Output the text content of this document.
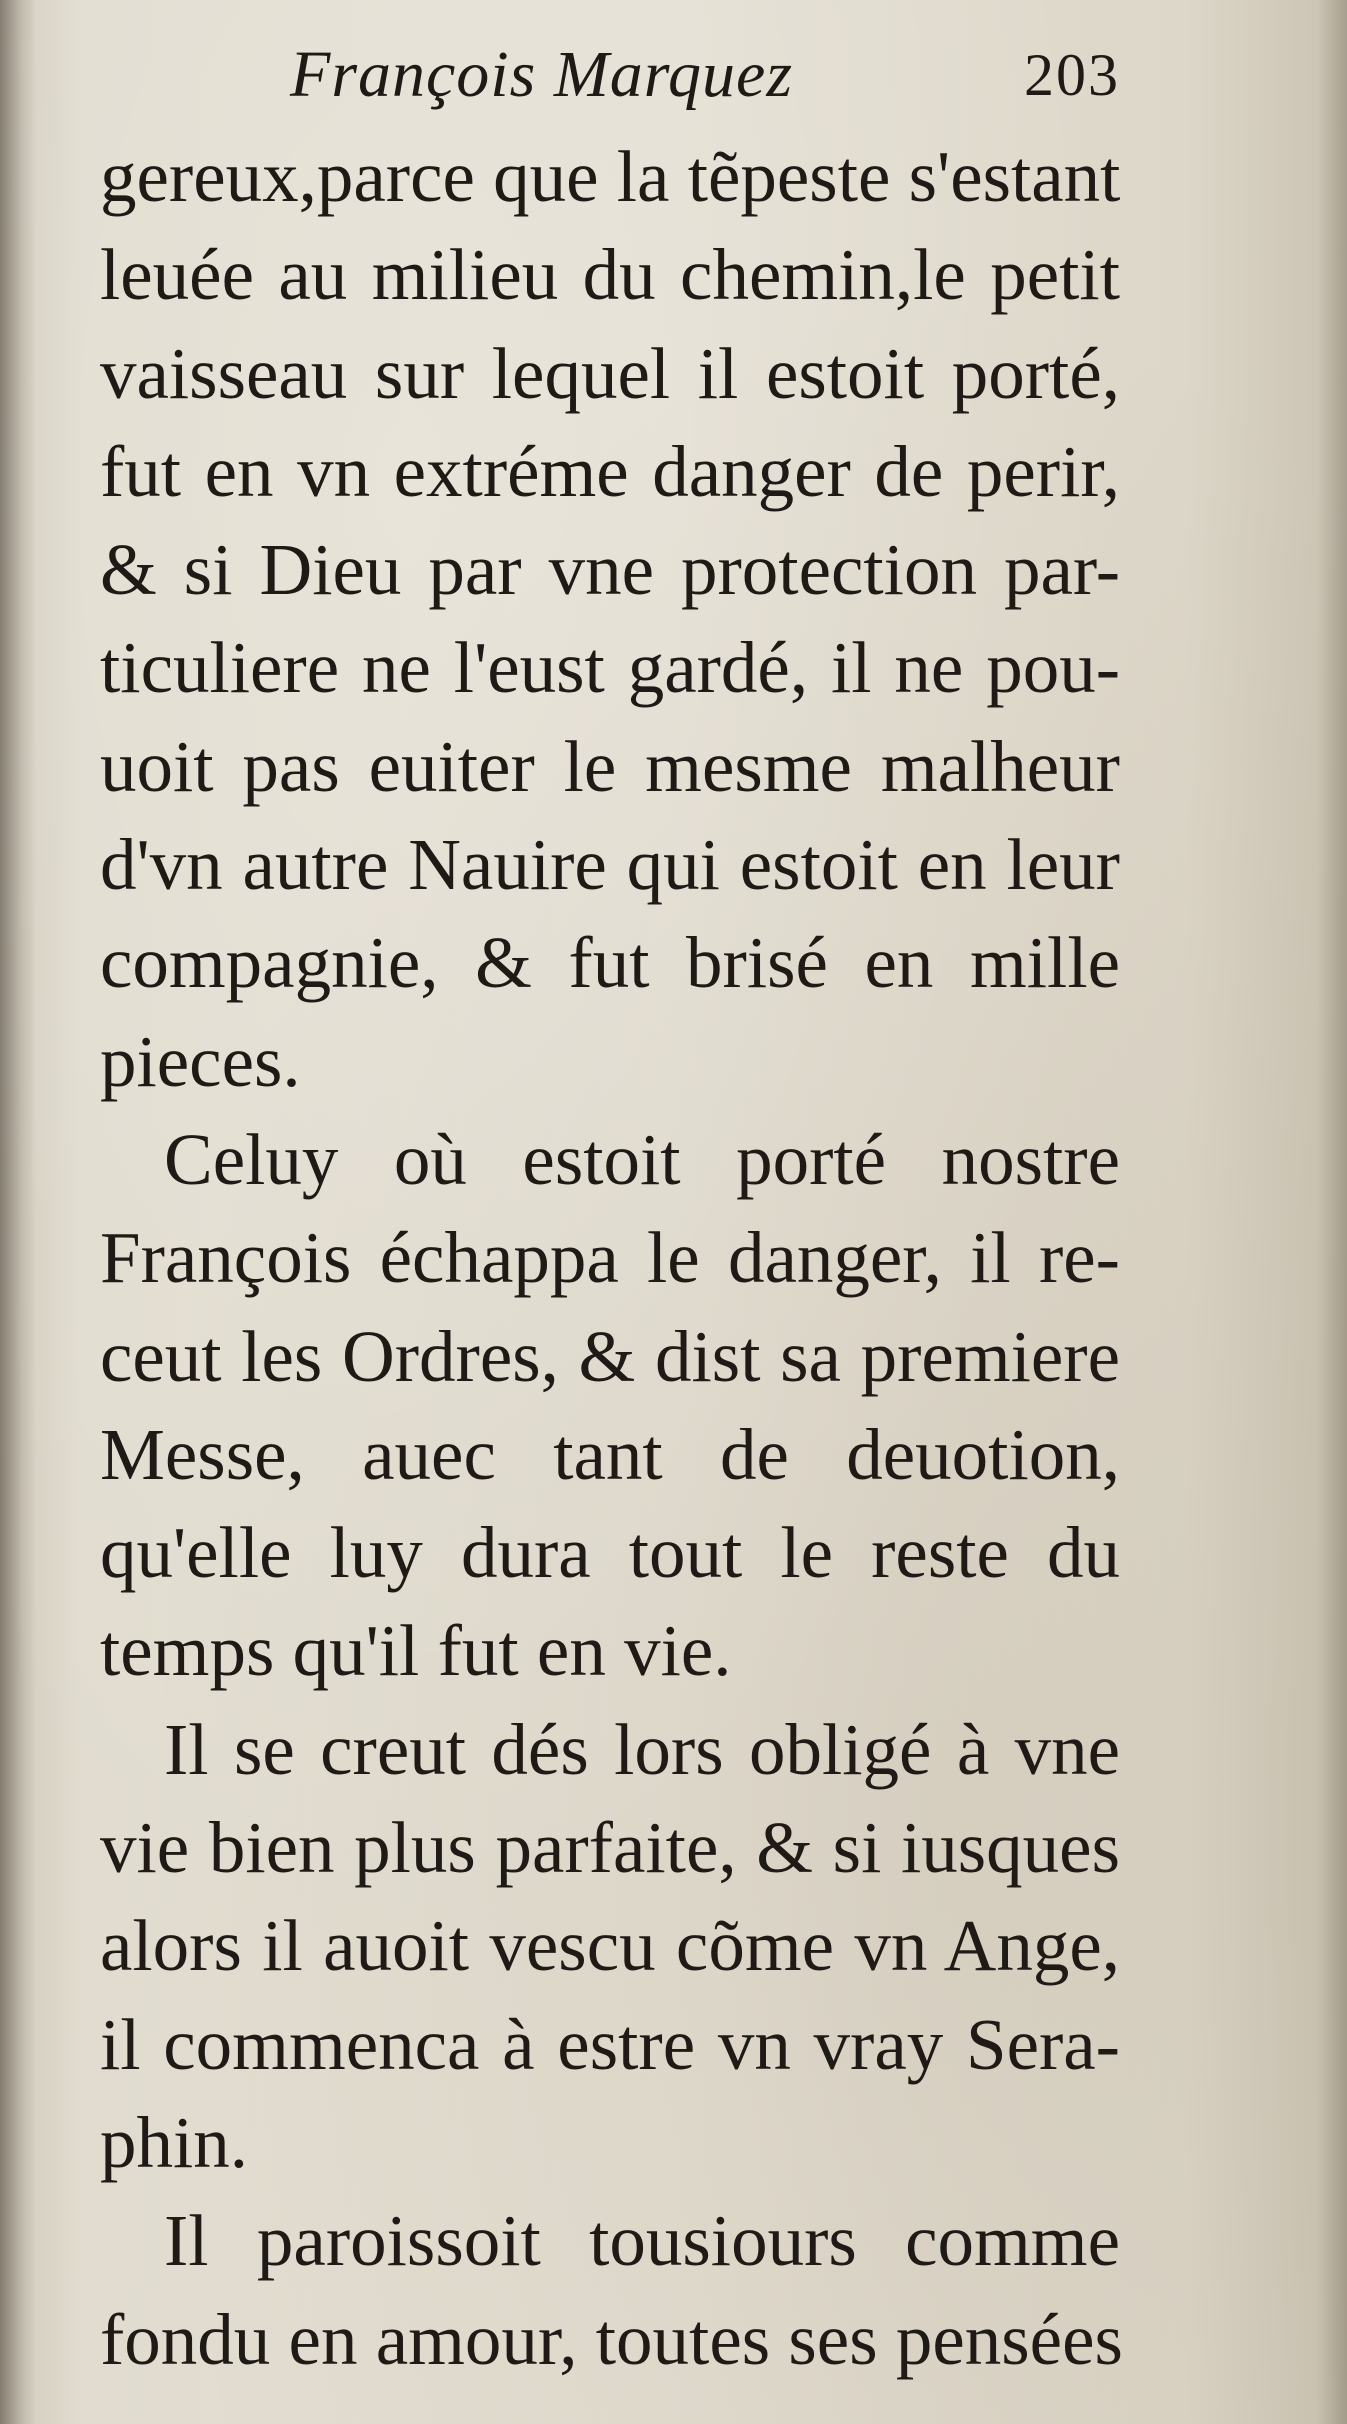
François Marquez	203
gereux,parce que la tẽpeste s'estant
leuée au milieu du chemin,le petit
vaisseau sur lequel il estoit porté,
fut en vn extréme danger de perir,
& si Dieu par vne protection par-
ticuliere ne l'eust gardé, il ne pou-
uoit pas euiter le mesme malheur
d'vn autre Nauire qui estoit en leur
compagnie, & fut brisé en mille
pieces.
Celuy où estoit porté nostre
François échappa le danger, il re-
ceut les Ordres, & dist sa premiere
Messe, auec tant de deuotion,
qu'elle luy dura tout le reste du
temps qu'il fut en vie.
Il se creut dés lors obligé à vne
vie bien plus parfaite, & si iusques
alors il auoit vescu cõme vn Ange,
il commenca à estre vn vray Sera-
phin.
Il paroissoit tousiours comme
fondu en amour, toutes ses pensées
